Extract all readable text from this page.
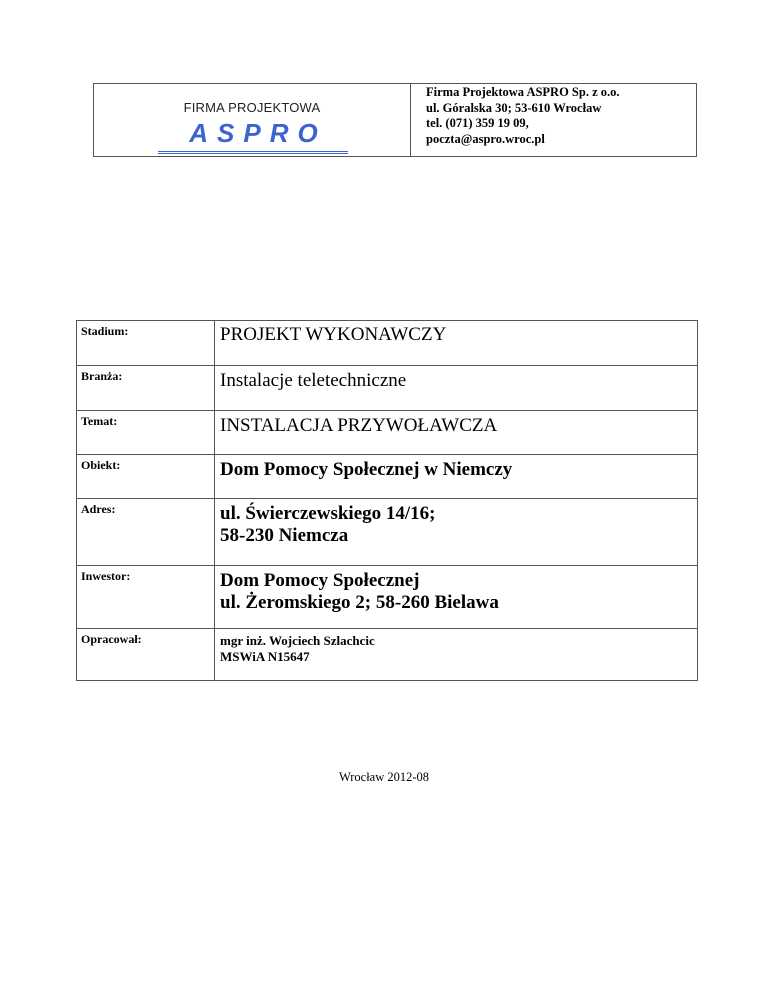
FIRMA PROJEKTOWA
ASPRO
Firma Projektowa ASPRO Sp. z o.o.
ul. Góralska 30; 53-610 Wrocław
tel. (071) 359 19 09,
poczta@aspro.wroc.pl
Stadium:	PROJEKT WYKONAWCZY
Branża:	Instalacje teletechniczne
Temat:	INSTALACJA PRZYWOŁAWCZA
Obiekt:	Dom Pomocy Społecznej w Niemczy
Adres:	ul. Świerczewskiego 14/16;
58-230 Niemcza

Inwestor:	Dom Pomocy Społecznej
ul. Żeromskiego 2; 58-260 Bielawa

Opracował:	mgr inż. Wojciech Szlachcic
MSWiA N15647
Wrocław 2012-08
